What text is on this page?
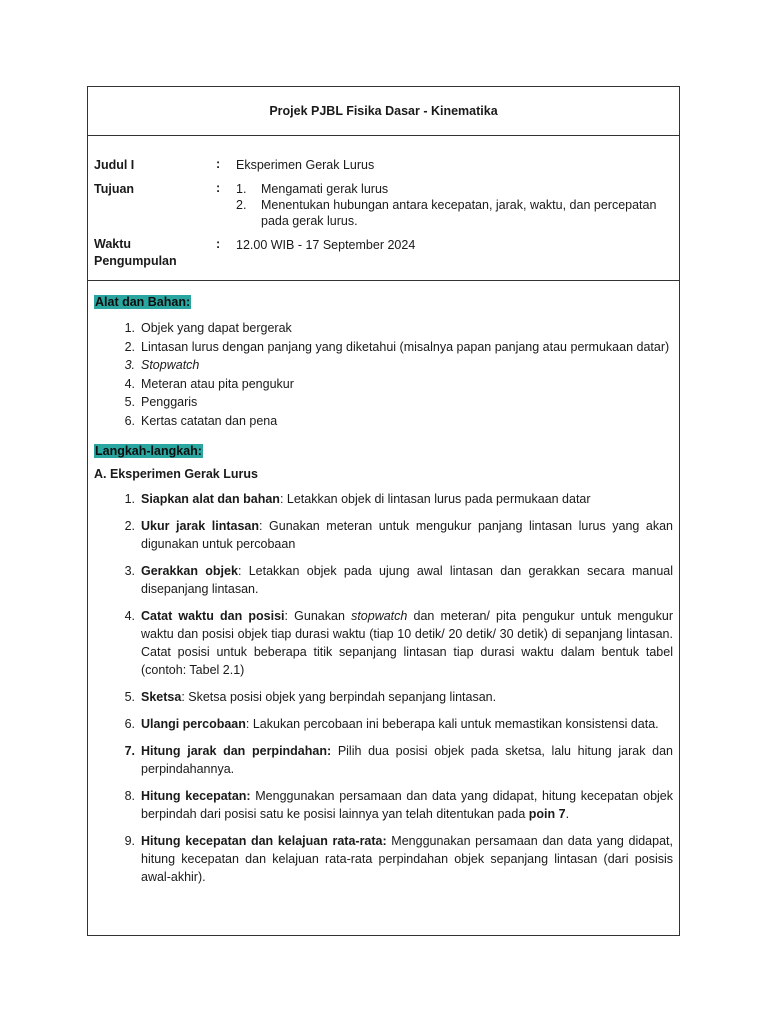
Projek PJBL Fisika Dasar - Kinematika
Judul I	: Eksperimen Gerak Lurus
Tujuan	: 1.	Mengamati gerak lurus
2.	Menentukan hubungan antara kecepatan, jarak, waktu, dan percepatan pada gerak lurus.
Waktu
Pengumpulan
: 12.00 WIB - 17 September 2024
Alat dan Bahan:
1. Objek yang dapat bergerak
2. Lintasan lurus dengan panjang yang diketahui (misalnya papan panjang atau permukaan datar)
3. Stopwatch
4. Meteran atau pita pengukur
5. Penggaris
6. Kertas catatan dan pena
Langkah-langkah:
A. Eksperimen Gerak Lurus
1. Siapkan alat dan bahan: Letakkan objek di lintasan lurus pada permukaan datar
2. Ukur jarak lintasan: Gunakan meteran untuk mengukur panjang lintasan lurus yang akan digunakan untuk percobaan
3. Gerakkan objek: Letakkan objek pada ujung awal lintasan dan gerakkan secara manual disepanjang lintasan.
4. Catat waktu dan posisi: Gunakan stopwatch dan meteran/ pita pengukur untuk mengukur waktu dan posisi objek tiap durasi waktu (tiap 10 detik/ 20 detik/ 30 detik) di sepanjang lintasan. Catat posisi untuk beberapa titik sepanjang lintasan tiap durasi waktu dalam bentuk tabel (contoh: Tabel 2.1)
5. Sketsa: Sketsa posisi objek yang berpindah sepanjang lintasan.
6. Ulangi percobaan: Lakukan percobaan ini beberapa kali untuk memastikan konsistensi data.
7. Hitung jarak dan perpindahan: Pilih dua posisi objek pada sketsa, lalu hitung jarak dan perpindahannya.
8. Hitung kecepatan: Menggunakan persamaan dan data yang didapat, hitung kecepatan objek berpindah dari posisi satu ke posisi lainnya yan telah ditentukan pada poin 7.
9. Hitung kecepatan dan kelajuan rata-rata: Menggunakan persamaan dan data yang didapat, hitung kecepatan dan kelajuan rata-rata perpindahan objek sepanjang lintasan (dari posisis awal-akhir).
